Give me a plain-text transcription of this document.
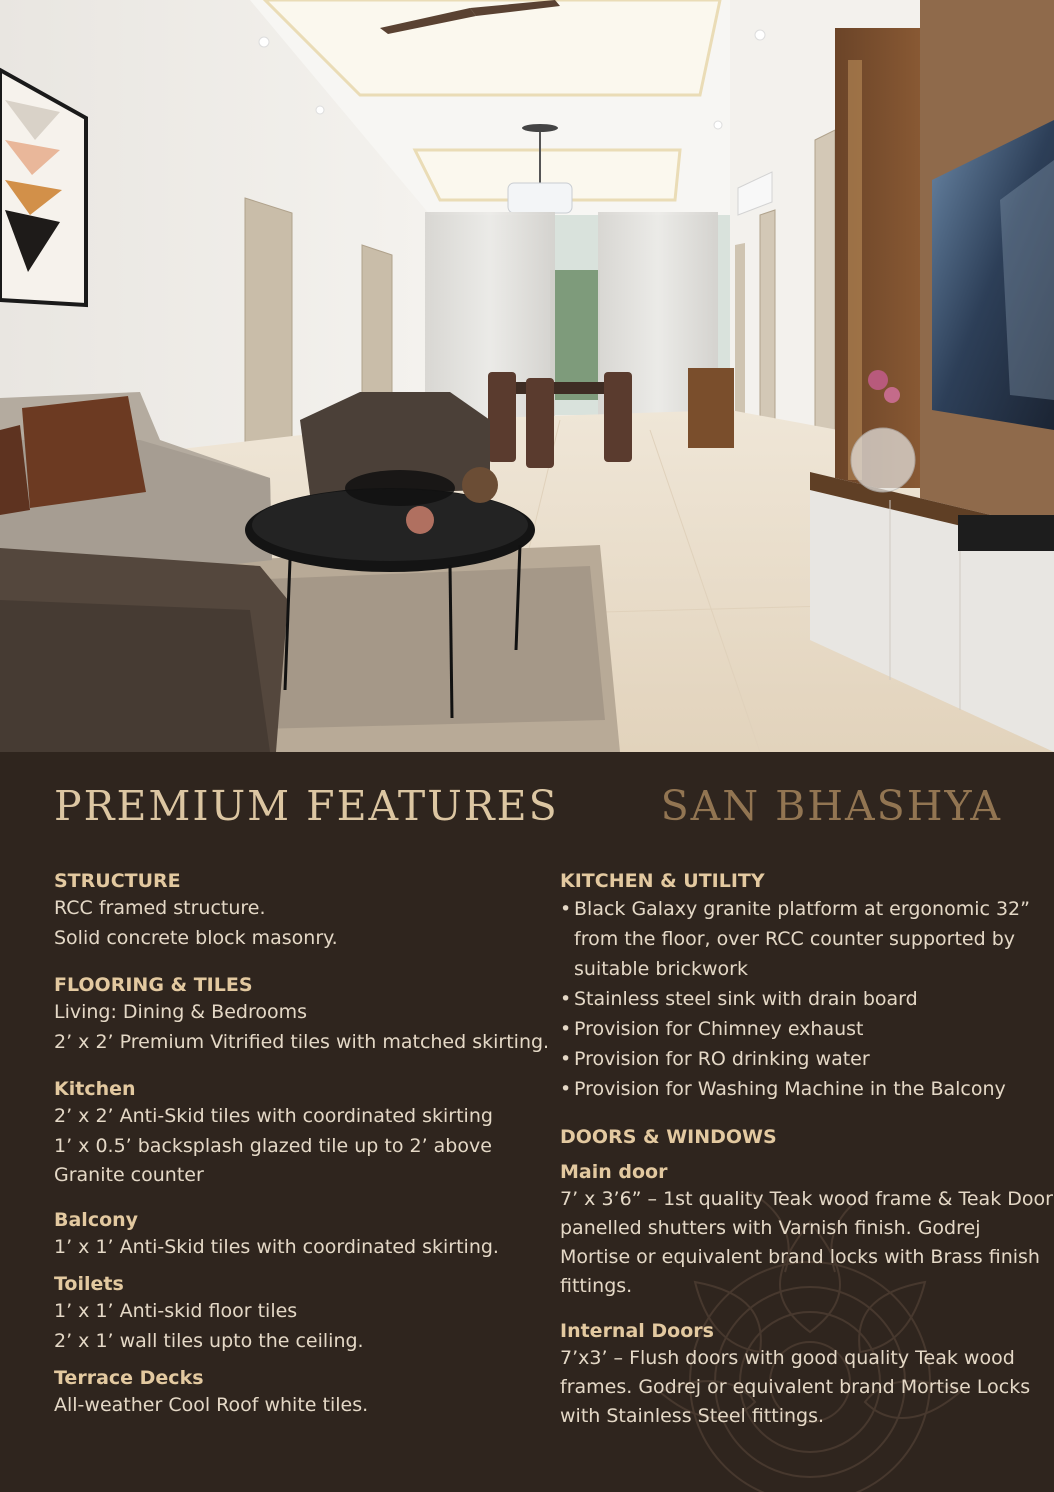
PREMIUM FEATURES SAN BHASHYA
STRUCTURE
RCC framed structure.
Solid concrete block masonry.
FLOORING & TILES
Living: Dining & Bedrooms
2’ x 2’ Premium Vitrified tiles with matched skirting.
Kitchen
2’ x 2’ Anti-Skid tiles with coordinated skirting
1’ x 0.5’ backsplash glazed tile up to 2’ above
Granite counter
Balcony
1’ x 1’ Anti-Skid tiles with coordinated skirting.
Toilets
1’ x 1’ Anti-skid floor tiles
2’ x 1’ wall tiles upto the ceiling.
Terrace Decks
All-weather Cool Roof white tiles.
KITCHEN & UTILITY
• Black Galaxy granite platform at ergonomic 32”
from the floor, over RCC counter supported by
suitable brickwork
• Stainless steel sink with drain board
• Provision for Chimney exhaust
• Provision for RO drinking water
• Provision for Washing Machine in the Balcony
DOORS & WINDOWS
Main door
7’ x 3’6” – 1st quality Teak wood frame & Teak Door
panelled shutters with Varnish finish. Godrej
Mortise or equivalent brand locks with Brass finish
fittings.
Internal Doors
7’x3’ – Flush doors with good quality Teak wood
frames. Godrej or equivalent brand Mortise Locks
with Stainless Steel fittings.
